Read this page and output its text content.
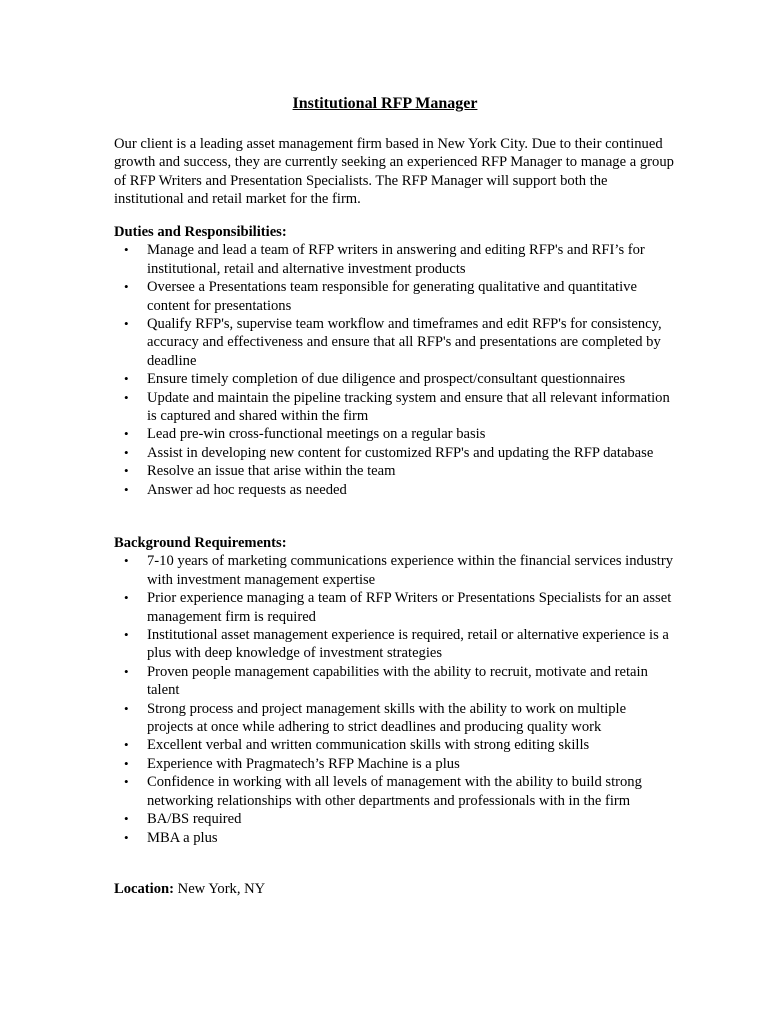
Institutional RFP Manager

Our client is a leading asset management firm based in New York City. Due to their continued growth and success, they are currently seeking an experienced RFP Manager to manage a group of RFP Writers and Presentation Specialists. The RFP Manager will support both the institutional and retail market for the firm.

Duties and Responsibilities:

• Manage and lead a team of RFP writers in answering and editing RFP's and RFI’s for institutional, retail and alternative investment products
• Oversee a Presentations team responsible for generating qualitative and quantitative content for presentations
• Qualify RFP's, supervise team workflow and timeframes and edit RFP's for consistency, accuracy and effectiveness and ensure that all RFP's and presentations are completed by deadline
• Ensure timely completion of due diligence and prospect/consultant questionnaires
• Update and maintain the pipeline tracking system and ensure that all relevant information is captured and shared within the firm
• Lead pre-win cross-functional meetings on a regular basis
• Assist in developing new content for customized RFP's and updating the RFP database
• Resolve an issue that arise within the team
• Answer ad hoc requests as needed

Background Requirements:

• 7-10 years of marketing communications experience within the financial services industry with investment management expertise
• Prior experience managing a team of RFP Writers or Presentations Specialists for an asset management firm is required
• Institutional asset management experience is required, retail or alternative experience is a plus with deep knowledge of investment strategies
• Proven people management capabilities with the ability to recruit, motivate and retain talent
• Strong process and project management skills with the ability to work on multiple projects at once while adhering to strict deadlines and producing quality work
• Excellent verbal and written communication skills with strong editing skills
• Experience with Pragmatech’s RFP Machine is a plus
• Confidence in working with all levels of management with the ability to build strong networking relationships with other departments and professionals with in the firm
• BA/BS required
• MBA a plus

Location: New York, NY
